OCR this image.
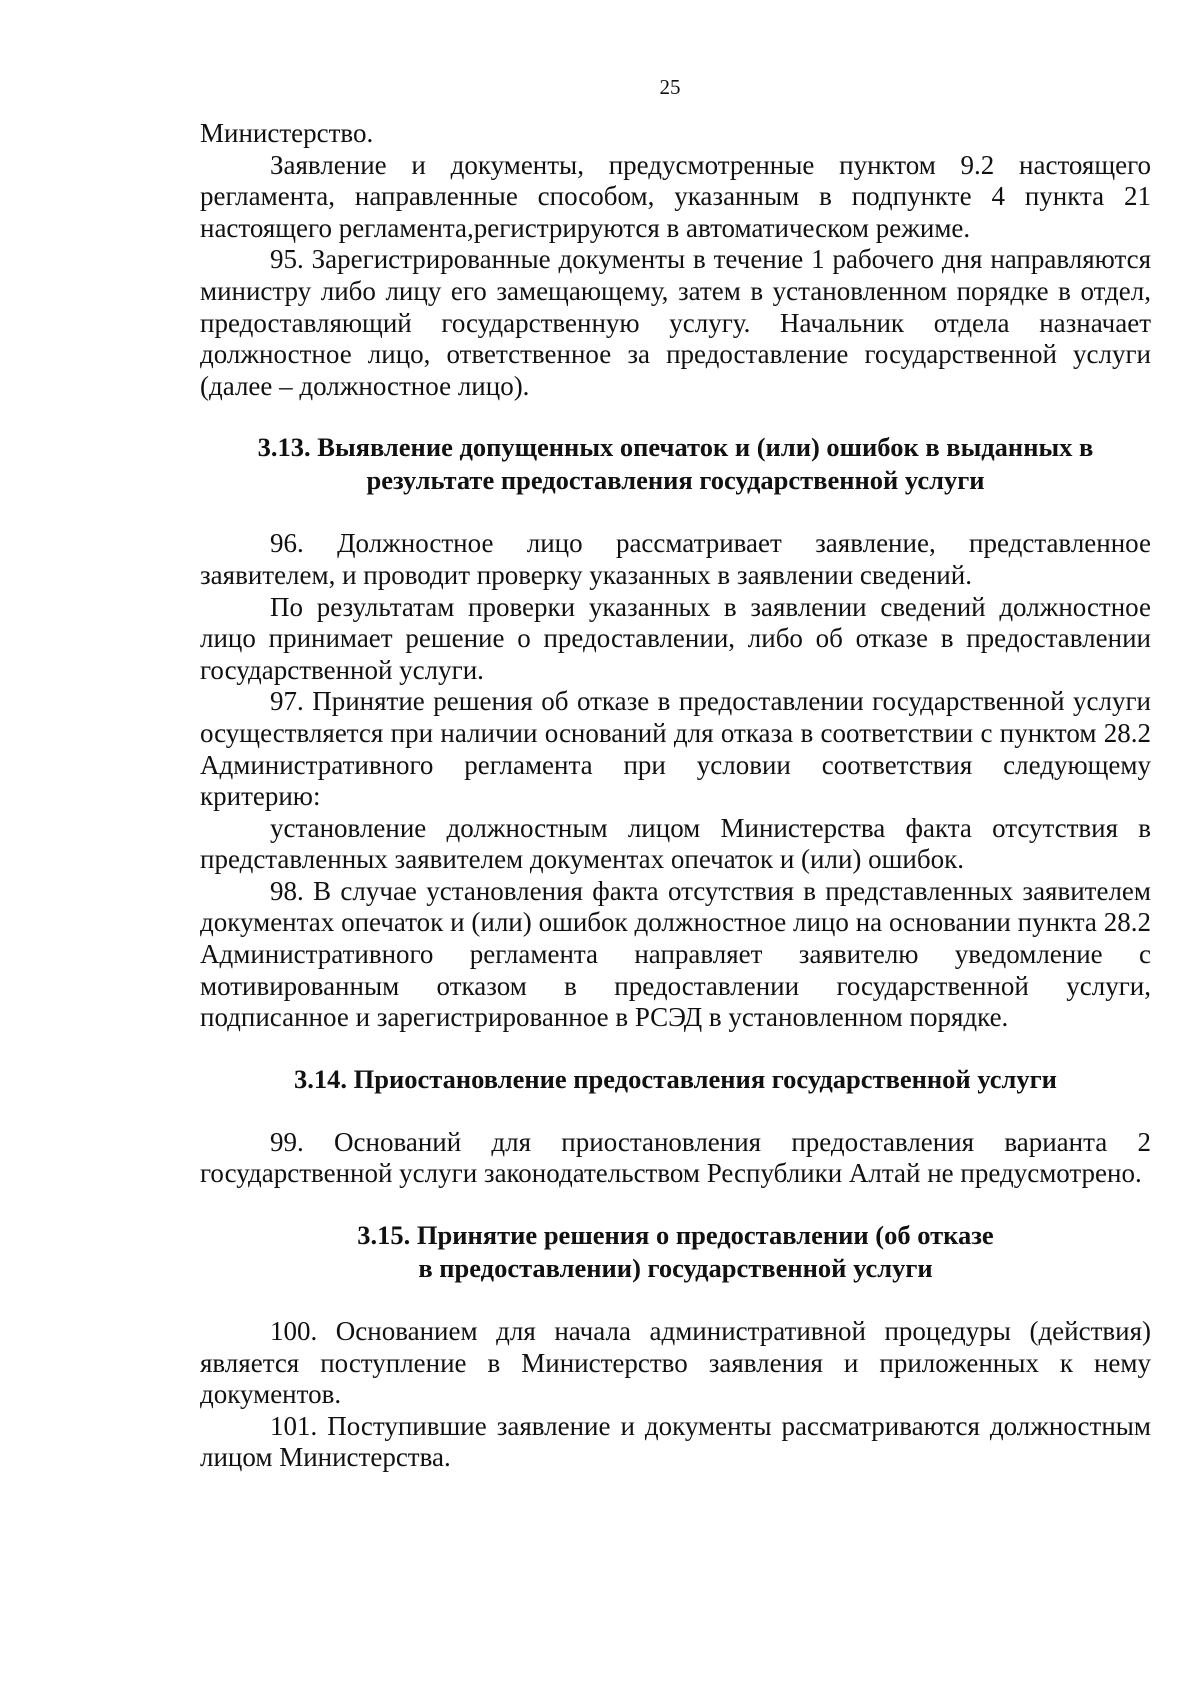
25

Министерство.

Заявление и документы, предусмотренные пунктом 9.2 настоящего регламента, направленные способом, указанным в подпункте 4 пункта 21 настоящего регламента,регистрируются в автоматическом режиме.

95. Зарегистрированные документы в течение 1 рабочего дня направляются министру либо лицу его замещающему, затем в установленном порядке в отдел, предоставляющий государственную услугу. Начальник отдела назначает должностное лицо, ответственное за предоставление государственной услуги (далее – должностное лицо).

3.13. Выявление допущенных опечаток и (или) ошибок в выданных в
результате предоставления государственной услуги

96. Должностное лицо рассматривает заявление, представленное заявителем, и проводит проверку указанных в заявлении сведений.

По результатам проверки указанных в заявлении сведений должностное лицо принимает решение о предоставлении, либо об отказе в предоставлении государственной услуги.

97. Принятие решения об отказе в предоставлении государственной услуги осуществляется при наличии оснований для отказа в соответствии с пунктом 28.2 Административного регламента при условии соответствия следующему критерию:

установление должностным лицом Министерства факта отсутствия в представленных заявителем документах опечаток и (или) ошибок.

98. В случае установления факта отсутствия в представленных заявителем документах опечаток и (или) ошибок должностное лицо на основании пункта 28.2 Административного регламента направляет заявителю уведомление с мотивированным отказом в предоставлении государственной услуги, подписанное и зарегистрированное в РСЭД в установленном порядке.

3.14. Приостановление предоставления государственной услуги

99. Оснований для приостановления предоставления варианта 2 государственной услуги законодательством Республики Алтай не предусмотрено.

3.15. Принятие решения о предоставлении (об отказе
в предоставлении) государственной услуги

100. Основанием для начала административной процедуры (действия) является поступление в Министерство заявления и приложенных к нему документов.

101. Поступившие заявление и документы рассматриваются должностным лицом Министерства.
